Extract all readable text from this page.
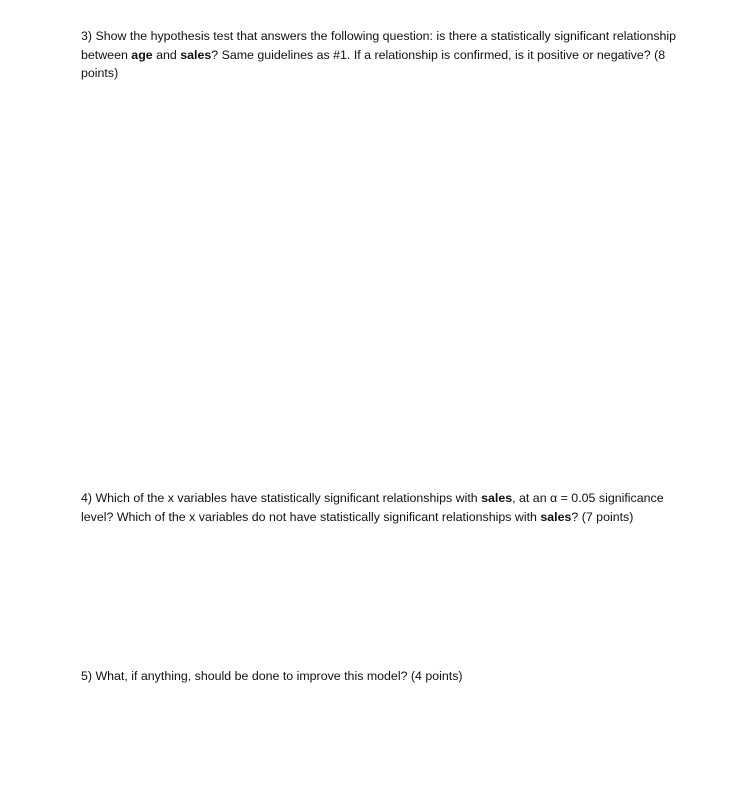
3) Show the hypothesis test that answers the following question: is there a statistically significant relationship between age and sales? Same guidelines as #1. If a relationship is confirmed, is it positive or negative? (8 points)

4) Which of the x variables have statistically significant relationships with sales, at an α = 0.05 significance level? Which of the x variables do not have statistically significant relationships with sales? (7 points)

5) What, if anything, should be done to improve this model? (4 points)
